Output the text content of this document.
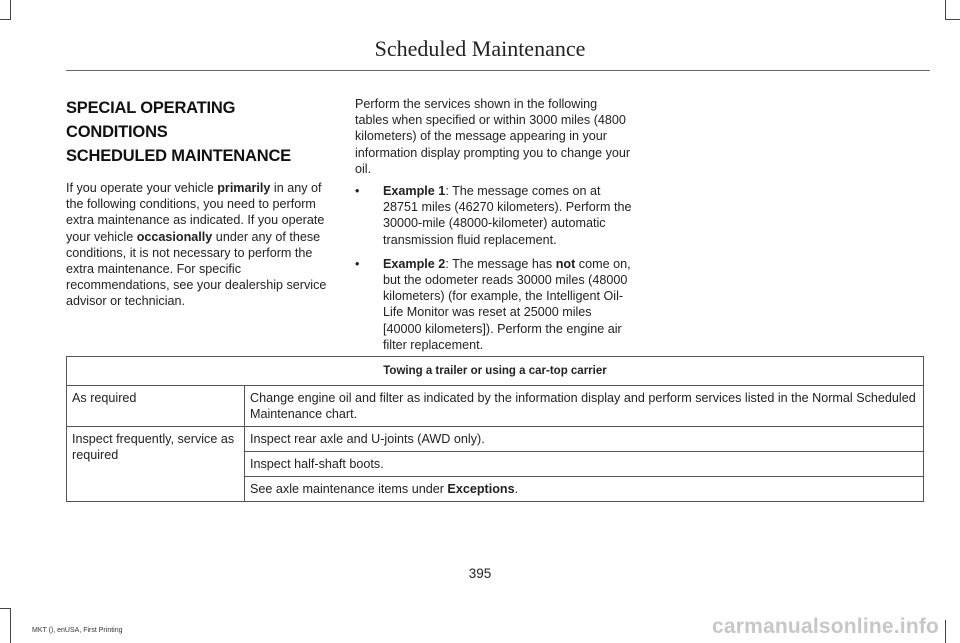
Scheduled Maintenance
SPECIAL OPERATING CONDITIONS
SCHEDULED MAINTENANCE

If you operate your vehicle primarily in any of the following conditions, you need to perform extra maintenance as indicated. If you operate your vehicle occasionally under any of these conditions, it is not necessary to perform the extra maintenance. For specific recommendations, see your dealership service advisor or technician.

Perform the services shown in the following tables when specified or within 3000 miles (4800 kilometers) of the message appearing in your information display prompting you to change your oil.

• Example 1: The message comes on at 28751 miles (46270 kilometers). Perform the 30000-mile (48000-kilometer) automatic transmission fluid replacement.
• Example 2: The message has not come on, but the odometer reads 30000 miles (48000 kilometers) (for example, the Intelligent Oil-Life Monitor was reset at 25000 miles [40000 kilometers]). Perform the engine air filter replacement.
Towing a trailer or using a car-top carrier	
As required	Change engine oil and filter as indicated by the information display and perform services listed in the Normal Scheduled Maintenance chart.
Inspect frequently, service as required	Inspect rear axle and U-joints (AWD only).
	Inspect half-shaft boots.
	See axle maintenance items under Exceptions.
395
MKT (), enUSA, First Printing	carmanualsonline.info
